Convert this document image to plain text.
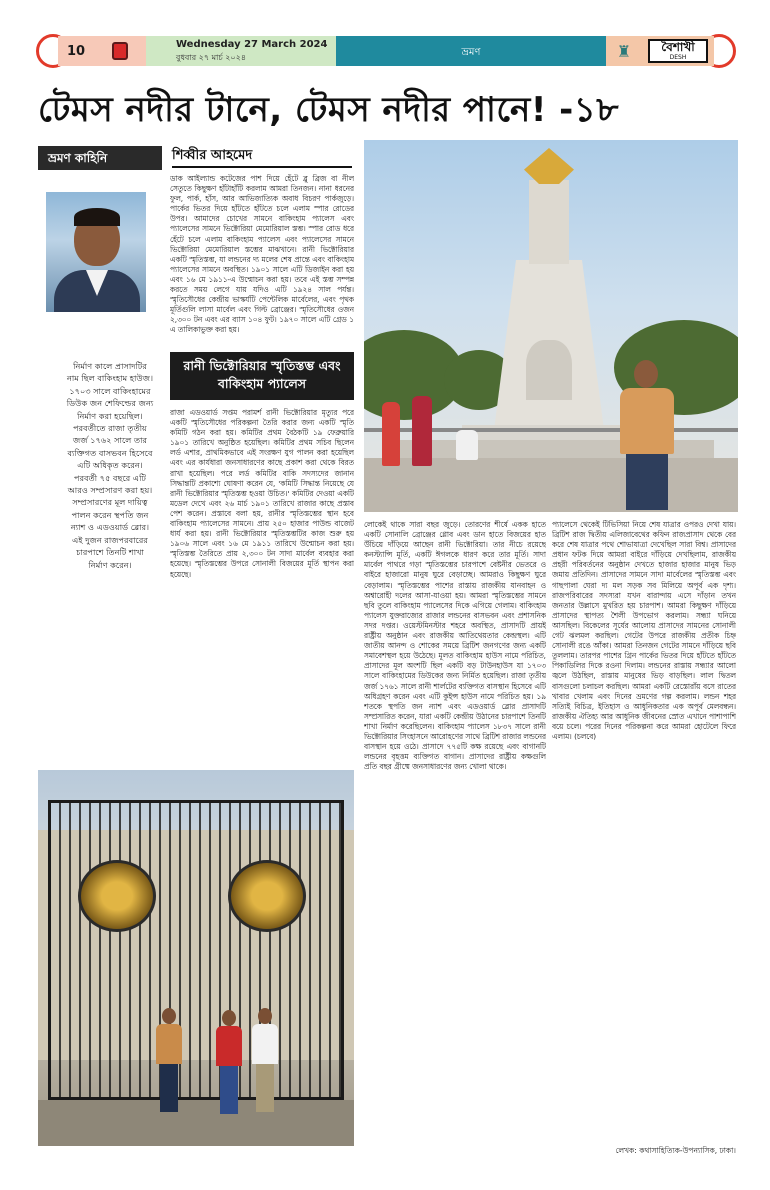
10	Wednesday 27 March 2024
বুধবার ২৭ মার্চ ২০২৪	ভ্রমণ	♜	বৈশাখী
DESH
টেমস নদীর টানে, টেমস নদীর পানে! -১৮
ভ্রমণ কাহিনি	শিব্বীর আহমেদ
ডাক আইল্যান্ড কটেজের পাশ দিয়ে হেঁটে ব্লু ব্রিজ বা নীল সেতুতে কিছুক্ষণ হাঁটাহাঁটি করলাম আমরা তিনজন। নানা ধরনের ফুল, পার্ক, হাঁস, আর আভিজাত্যিক অবাধ বিচরণ পার্কজুড়ে। পার্কের ভিতর দিয়ে হাঁটতে হাঁটতে চলে এলাম স্পার রোডের উপর। আমাদের চোখের সামনে বাকিংহাম প্যালেস এবং প্যালেসের সামনে ভিক্টোরিয়া মেমোরিয়াল স্তম্ভ। স্পার রোড ধরে হেঁটে চলে এলাম বাকিংহাম প্যালেস এবং প্যালেসের সামনে ভিক্টোরিয়া মেমোরিয়াল স্তম্ভের মাঝখানে। রানী ভিক্টোরিয়ার একটি স্মৃতিস্তম্ভ, যা লন্ডনের দ্য মলের শেষ প্রান্তে এবং বাকিংহাম প্যালেসের সামনে অবস্থিত। ১৯০১ সালে এটি ডিজাইন করা হয় এবং ১৬ মে ১৯১১-এ উন্মোচন করা হয়। তবে এই স্তম্ভ সম্পন্ন করতে সময় লেগে যায় যদিও এটি ১৯২৪ সাল পর্যন্ত। স্মৃতিসৌধের কেন্দ্রীয় ভাস্কর্যটি পেন্টেলিক মার্বেলের, এবং পৃথক মূর্তিগুলি লাসা মার্বেল এবং গিল্ট ব্রোঞ্জের। স্মৃতিসৌধের ওজন ২,৩০০ টন এবং এর ব্যাস ১০৪ ফুট। ১৯৭০ সালে এটি গ্রেড ১ এ তালিকাভুক্ত করা হয়।
রানী ভিক্টোরিয়ার স্মৃতিস্তম্ভ এবং বাকিংহাম প্যালেস
রাজা এডওয়ার্ড সপ্তম পরামর্শ রানী ভিক্টোরিয়ার মৃত্যুর পরে একটি স্মৃতিসৌধের পরিকল্পনা তৈরি করার জন্য একটি স্মৃতি কমিটি গঠন করা হয়। কমিটির প্রথম বৈঠকটি ১৯ ফেব্রুয়ারি ১৯০১ তারিখে অনুষ্ঠিত হয়েছিল। কমিটির প্রথম সচিব ছিলেন লর্ড এশার, প্রাথমিকভাবে এই সংরক্ষণ যুগ পালন করা হয়েছিল এবং এর কার্যধারা জনসাধারণের কাছে প্রকাশ করা থেকে বিরত রাখা হয়েছিল। পরে লর্ড কমিটির বাকি সদস্যদের জানান সিদ্ধান্তটি প্রকাশ্যে ঘোষণা করেন যে, 'কমিটি সিদ্ধান্ত নিয়েছে যে রানী ভিক্টোরিয়ার স্মৃতিস্তম্ভ হওয়া উচিত।' কমিটির দেওয়া একটি মডেল দেখে এবং ২৬ মার্চ ১৯০১ তারিখে রাজার কাছে প্রস্তাব পেশ করেন। প্রস্তাবে বলা হয়, রানীর স্মৃতিস্তম্ভের স্থান হবে বাকিংহাম প্যালেসের সামনে। প্রায় ২৫০ হাজার পাউন্ড বাজেট ধার্য করা হয়। রানী ভিক্টোরিয়ার স্মৃতিস্তম্ভটির কাজ শুরু হয় ১৯০৬ সালে এবং ১৬ মে ১৯১১ তারিখে উন্মোচন করা হয়। স্মৃতিস্তম্ভ তৈরিতে প্রায় ২,৩০০ টন সাদা মার্বেল ব্যবহার করা হয়েছে। স্মৃতিস্তম্ভের উপরে সোনালী বিজয়ের মূর্তি স্থাপন করা হয়েছে।
নির্মাণ কালে প্রাসাদটির নাম ছিল বাকিংহাম হাউজ। ১৭০৩ সালে বাকিংহামের ডিউক জন শেফিল্ডের জন্য নির্মাণ করা হয়েছিল। পরবর্তীতে রাজা তৃতীয় জর্জ ১৭৬২ সালে তার ব্যক্তিগত বাসভবন হিসেবে এটি অধিকৃত করেন। পরবর্তী ৭৫ বছরে এটি আরও সম্প্রসারণ করা হয়। সম্প্রসারণের মূল দায়িত্ব পালন করেন স্থপতি জন ন্যাশ ও এডওয়ার্ড ব্লোর। এই দুজন রাজপরবারের চারপাশে তিনটি শাখা নির্মাণ করেন।
লোকেই থাকে সারা বছর জুড়ে। তোরণের শীর্ষে একক হাতে একটি সোনালি ব্রোঞ্জের গ্লোব এবং ডান হাতে বিজয়ের হাত উঁচিয়ে দাঁড়িয়ে আছেন রানী ভিক্টোরিয়া। তার নীচে রয়েছে কনস্ট্যান্সি মূর্তি, একটি ঈগলকে ধারণ করে তার মূর্তি। সাদা মার্বেল পাথরে গড়া স্মৃতিস্তম্ভের চারপাশে বেষ্টনীর ভেতরে ও বাইরে হাজারো মানুষ ঘুরে বেড়াচ্ছে। আমরাও কিছুক্ষণ ঘুরে বেড়ালাম। স্মৃতিস্তম্ভের পাশের রাস্তায় রাজকীয় যানবাহন ও অশ্বারোহী দলের আসা-যাওয়া হয়। আমরা স্মৃতিস্তম্ভের সামনে ছবি তুলে বাকিংহাম প্যালেসের দিকে এগিয়ে গেলাম। বাকিংহাম প্যালেস যুক্তরাজ্যের রাজার লন্ডনের বাসভবন এবং প্রশাসনিক সদর দপ্তর। ওয়েস্টমিনস্টার শহরে অবস্থিত, প্রাসাদটি প্রায়ই রাষ্ট্রীয় অনুষ্ঠান এবং রাজকীয় আতিথেয়তার কেন্দ্রস্থল। এটি জাতীয় আনন্দ ও শোকের সময়ে ব্রিটিশ জনগণের জন্য একটি সমাবেশস্থল হয়ে উঠেছে। মূলত বাকিংহাম হাউস নামে পরিচিত, প্রাসাদের মূল অংশটি ছিল একটি বড় টাউনহাউস যা ১৭০৩ সালে বাকিংহামের ডিউকের জন্য নির্মিত হয়েছিল। রাজা তৃতীয় জর্জ ১৭৬১ সালে রানী শার্লটের ব্যক্তিগত বাসস্থান হিসেবে এটি অধিগ্রহণ করেন এবং এটি কুইন্স হাউস নামে পরিচিত হয়। ১৯ শতকে স্থপতি জন ন্যাশ এবং এডওয়ার্ড ব্লোর প্রাসাদটি সম্প্রসারিত করেন, যারা একটি কেন্দ্রীয় উঠানের চারপাশে তিনটি শাখা নির্মাণ করেছিলেন। বাকিংহাম প্যালেস ১৮৩৭ সালে রানী ভিক্টোরিয়ার সিংহাসনে আরোহণের সাথে ব্রিটিশ রাজার লন্ডনের বাসস্থান হয়ে ওঠে। প্রাসাদে ৭৭৫টি কক্ষ রয়েছে এবং বাগানটি লন্ডনের বৃহত্তম ব্যক্তিগত বাগান। প্রাসাদের রাষ্ট্রীয় কক্ষগুলি প্রতি বছর গ্রীষ্মে জনসাধারণের জন্য খোলা থাকে।
প্যালেসে থেকেই টিভিসিয়া নিয়ে শেষ যাত্রার ওপরও দেখা যায়। ব্রিটিশ রাজ দ্বিতীয় এলিজাবেথের কফিন রাজপ্রাসাদ থেকে বের করে শেষ যাত্রার পথে শোভাযাত্রা দেখেছিল সারা বিশ্ব। প্রাসাদের প্রধান ফটক দিয়ে আমরা বাইরে দাঁড়িয়ে দেখছিলাম, রাজকীয় প্রহরী পরিবর্তনের অনুষ্ঠান দেখতে হাজার হাজার মানুষ ভিড় জমায় প্রতিদিন। প্রাসাদের সামনে সাদা মার্বেলের স্মৃতিস্তম্ভ এবং গাছপালা ঘেরা দ্য মল সড়ক সব মিলিয়ে অপূর্ব এক দৃশ্য। রাজপরিবারের সদস্যরা যখন বারান্দায় এসে দাঁড়ান তখন জনতার উল্লাসে মুখরিত হয় চারপাশ। আমরা কিছুক্ষণ দাঁড়িয়ে প্রাসাদের স্থাপত্য শৈলী উপভোগ করলাম। সন্ধ্যা ঘনিয়ে আসছিল। বিকেলের সূর্যের আলোয় প্রাসাদের সামনের সোনালী গেট ঝলমল করছিল। গেটের উপরে রাজকীয় প্রতীক চিহ্ন সোনালী রঙে আঁকা। আমরা তিনজন গেটের সামনে দাঁড়িয়ে ছবি তুললাম। তারপর পাশের গ্রিন পার্কের ভিতর দিয়ে হাঁটতে হাঁটতে পিকাডিলির দিকে রওনা দিলাম। লন্ডনের রাস্তায় সন্ধ্যার আলো জ্বলে উঠছিল, রাস্তায় মানুষের ভিড় বাড়ছিল। লাল দ্বিতল বাসগুলো চলাচল করছিল। আমরা একটি রেস্তোরাঁয় বসে রাতের খাবার খেলাম এবং দিনের ভ্রমণের গল্প করলাম। লন্ডন শহর সত্যিই বিচিত্র, ইতিহাস ও আধুনিকতার এক অপূর্ব মেলবন্ধন। রাজকীয় ঐতিহ্য আর আধুনিক জীবনের স্রোত এখানে পাশাপাশি বয়ে চলে। পরের দিনের পরিকল্পনা করে আমরা হোটেলে ফিরে এলাম। (চলবে)
লেখক: কথাসাহিত্যিক-উপন্যাসিক, ঢাকা।
